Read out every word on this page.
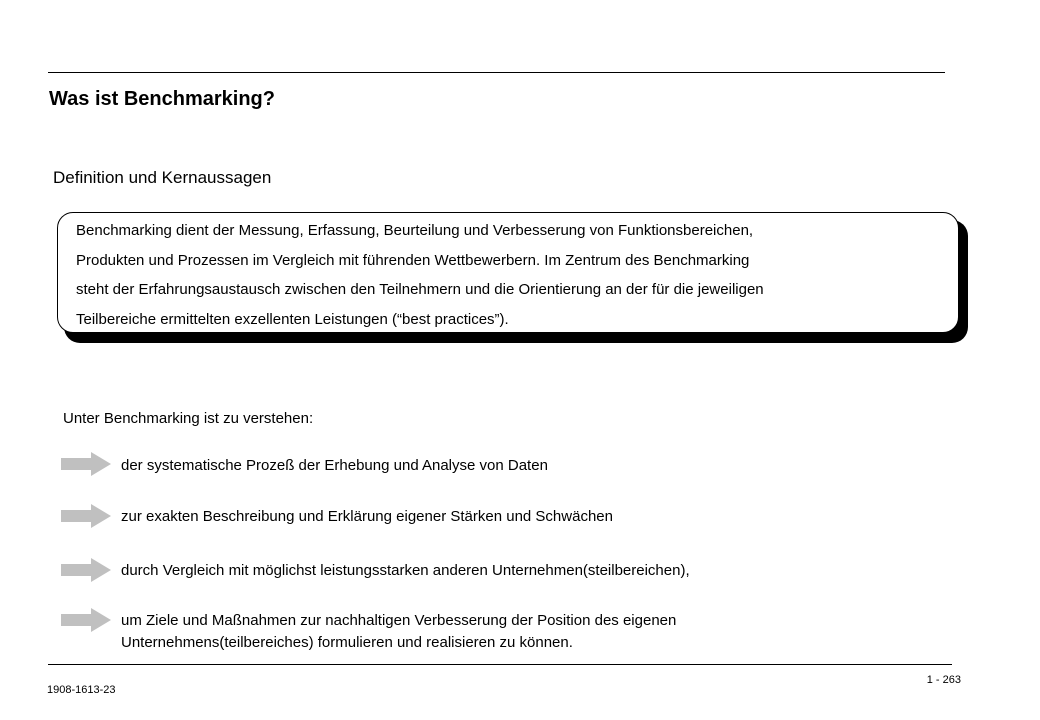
Was ist Benchmarking?
Definition und Kernaussagen
Benchmarking dient der Messung, Erfassung, Beurteilung und Verbesserung von Funktionsbereichen,
Produkten und Prozessen im Vergleich mit führenden Wettbewerbern. Im Zentrum des Benchmarking
steht der Erfahrungsaustausch zwischen den Teilnehmern und die Orientierung an der für die jeweiligen
Teilbereiche ermittelten exzellenten Leistungen (“best practices”).
Unter Benchmarking ist zu verstehen:
der systematische Prozeß der Erhebung und Analyse von Daten
zur exakten Beschreibung und Erklärung eigener Stärken und Schwächen
durch Vergleich mit möglichst leistungsstarken anderen Unternehmen(steilbereichen),
um Ziele und Maßnahmen zur nachhaltigen Verbesserung der Position des eigenen
Unternehmens(teilbereiches) formulieren und realisieren zu können.
1908-1613-23
1 - 263
